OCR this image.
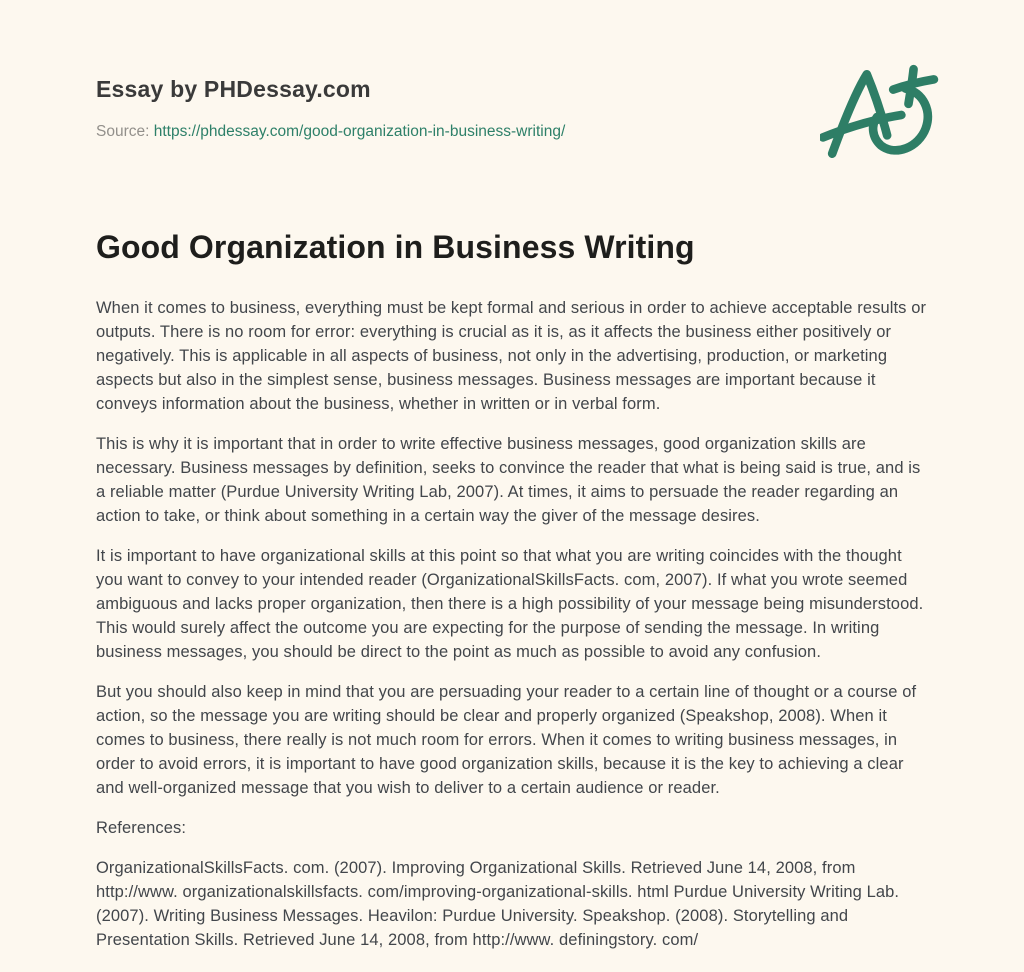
Essay by PHDessay.com

Source: https://phdessay.com/good-organization-in-business-writing/

Good Organization in Business Writing

When it comes to business, everything must be kept formal and serious in order to achieve acceptable results or outputs. There is no room for error: everything is crucial as it is, as it affects the business either positively or negatively. This is applicable in all aspects of business, not only in the advertising, production, or marketing aspects but also in the simplest sense, business messages. Business messages are important because it conveys information about the business, whether in written or in verbal form.

This is why it is important that in order to write effective business messages, good organization skills are necessary. Business messages by definition, seeks to convince the reader that what is being said is true, and is a reliable matter (Purdue University Writing Lab, 2007). At times, it aims to persuade the reader regarding an action to take, or think about something in a certain way the giver of the message desires.

It is important to have organizational skills at this point so that what you are writing coincides with the thought you want to convey to your intended reader (OrganizationalSkillsFacts. com, 2007). If what you wrote seemed ambiguous and lacks proper organization, then there is a high possibility of your message being misunderstood. This would surely affect the outcome you are expecting for the purpose of sending the message. In writing business messages, you should be direct to the point as much as possible to avoid any confusion.

But you should also keep in mind that you are persuading your reader to a certain line of thought or a course of action, so the message you are writing should be clear and properly organized (Speakshop, 2008). When it comes to business, there really is not much room for errors. When it comes to writing business messages, in order to avoid errors, it is important to have good organization skills, because it is the key to achieving a clear and well-organized message that you wish to deliver to a certain audience or reader.

References:

OrganizationalSkillsFacts. com. (2007). Improving Organizational Skills. Retrieved June 14, 2008, from http://www. organizationalskillsfacts. com/improving-organizational-skills. html Purdue University Writing Lab. (2007). Writing Business Messages. Heavilon: Purdue University. Speakshop. (2008). Storytelling and Presentation Skills. Retrieved June 14, 2008, from http://www. definingstory. com/
